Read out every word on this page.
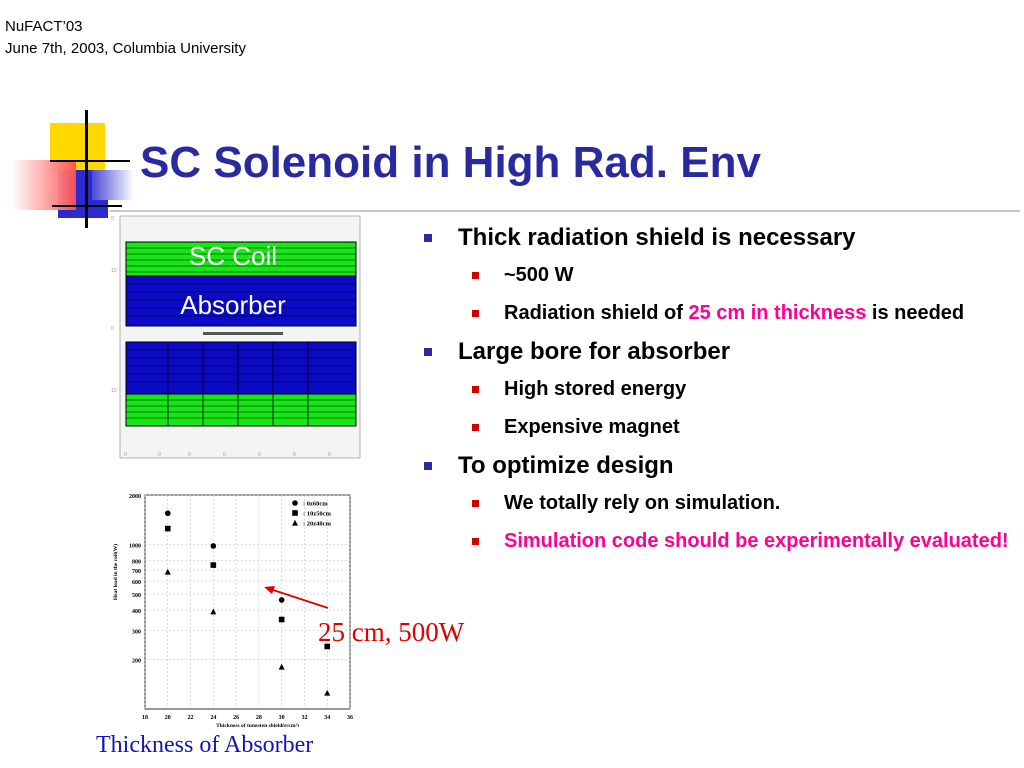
NuFACT’03
June 7th, 2003, Columbia University
SC Solenoid in High Rad. Env
0
10
0
10
0	0	0	0	0	0	0
SC Coil
Absorber
200
300
400
500
600
700
800
1000
2000
18	20	22	24	26	28	30	32	34	36
Thickness of tungsten shield(g/cm²)
Heat load in the coil(W)
: 0z60cm
: 10z50cm
: 20z40cm
25 cm, 500W
Thickness of Absorber
Thick radiation shield is necessary
~500 W
Radiation shield of 25 cm in thickness is needed
Large bore for absorber
High stored energy
Expensive magnet
To optimize design
We totally rely on simulation.
Simulation code should be experimentally evaluated!
